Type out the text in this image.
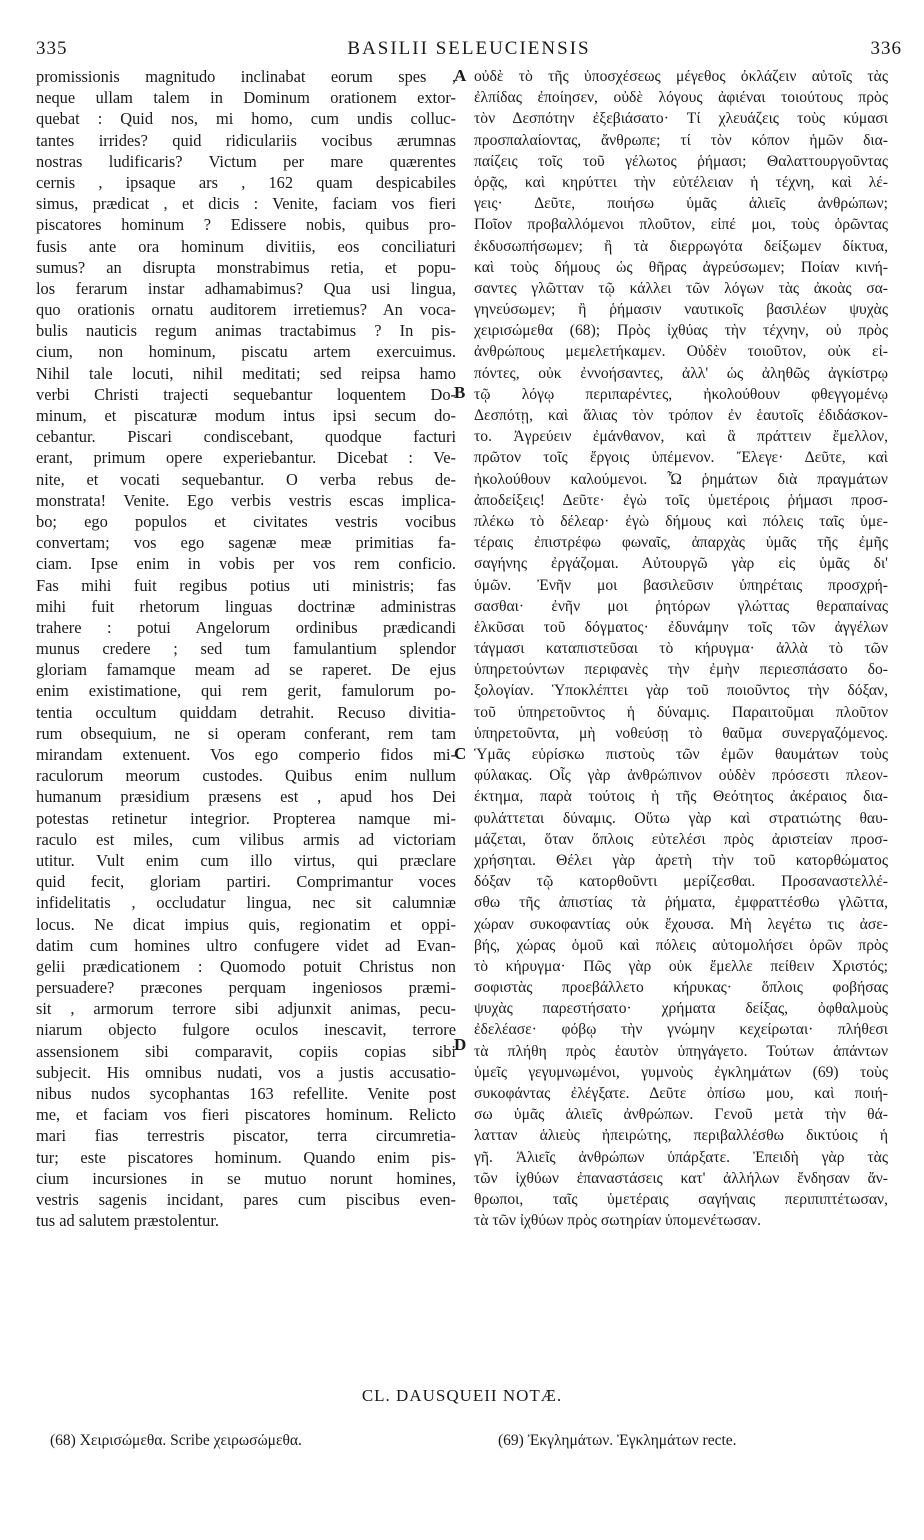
335	BASILII SELEUCIENSIS	336
promissionis magnitudo inclinabat eorum spes ,
neque ullam talem in Dominum orationem extor-
quebat : Quid nos, mi homo, cum undis colluc-
tantes irrides? quid ridiculariis vocibus ærumnas
nostras ludificaris? Victum per mare quærentes
cernis , ipsaque ars , 162 quam despicabiles
simus, prædicat , et dicis : Venite, faciam vos fieri
piscatores hominum ? Edissere nobis, quibus pro-
fusis ante ora hominum divitiis, eos conciliaturi
sumus? an disrupta monstrabimus retia, et popu-
los ferarum instar adhamabimus? Qua usi lingua,
quo orationis ornatu auditorem irretiemus? An voca-
bulis nauticis regum animas tractabimus ? In pis-
cium, non hominum, piscatu artem exercuimus.
Nihil tale locuti, nihil meditati; sed reipsa hamo
verbi Christi trajecti sequebantur loquentem Do-
minum, et piscaturæ modum intus ipsi secum do-
cebantur. Piscari condiscebant, quodque facturi
erant, primum opere experiebantur. Dicebat : Ve-
nite, et vocati sequebantur. O verba rebus de-
monstrata! Venite. Ego verbis vestris escas implica-
bo; ego populos et civitates vestris vocibus
convertam; vos ego sagenæ meæ primitias fa-
ciam. Ipse enim in vobis per vos rem conficio.
Fas mihi fuit regibus potius uti ministris; fas
mihi fuit rhetorum linguas doctrinæ administras
trahere : potui Angelorum ordinibus prædicandi
munus credere ; sed tum famulantium splendor
gloriam famamque meam ad se raperet. De ejus
enim existimatione, qui rem gerit, famulorum po-
tentia occultum quiddam detrahit. Recuso divitia-
rum obsequium, ne si operam conferant, rem tam
mirandam extenuent. Vos ego comperio fidos mi-
raculorum meorum custodes. Quibus enim nullum
humanum præsidium præsens est , apud hos Dei
potestas retinetur integrior. Propterea namque mi-
raculo est miles, cum vilibus armis ad victoriam
utitur. Vult enim cum illo virtus, qui præclare
quid fecit, gloriam partiri. Comprimantur voces
infidelitatis , occludatur lingua, nec sit calumniæ
locus. Ne dicat impius quis, regionatim et oppi-
datim cum homines ultro confugere videt ad Evan-
gelii prædicationem : Quomodo potuit Christus non
persuadere? præcones perquam ingeniosos præmi-
sit , armorum terrore sibi adjunxit animas, pecu-
niarum objecto fulgore oculos inescavit, terrore
assensionem sibi comparavit, copiis copias sibi
subjecit. His omnibus nudati, vos a justis accusatio-
nibus nudos sycophantas 163 refellite. Venite post
me, et faciam vos fieri piscatores hominum. Relicto
mari fias terrestris piscator, terra circumretia-
tur; este piscatores hominum. Quando enim pis-
cium incursiones in se mutuo norunt homines,
vestris sagenis incidant, pares cum piscibus even-
tus ad salutem præstolentur.
οὐδὲ τὸ τῆς ὑποσχέσεως μέγεθος ὀκλάζειν αὐτοῖς τὰς
ἐλπίδας ἐποίησεν, οὐδὲ λόγους ἀφιέναι τοιούτους πρὸς
τὸν Δεσπότην ἐξεβιάσατο· Τί χλευάζεις τοὺς κύμασι
προσπαλαίοντας, ἄνθρωπε; τί τὸν κόπον ἡμῶν δια-
παίζεις τοῖς τοῦ γέλωτος ῥήμασι; Θαλαττουργοῦντας
ὁρᾷς, καὶ κηρύττει τὴν εὐτέλειαν ἡ τέχνη, καὶ λέ-
γεις· Δεῦτε, ποιήσω ὑμᾶς ἁλιεῖς ἀνθρώπων;
Ποῖον προβαλλόμενοι πλοῦτον, εἰπέ μοι, τοὺς ὁρῶντας
ἐκδυσωπήσωμεν; ἢ τὰ διερρωγότα δείξωμεν δίκτυα,
καὶ τοὺς δήμους ὡς θῆρας ἀγρεύσωμεν; Ποίαν κινή-
σαντες γλῶτταν τῷ κάλλει τῶν λόγων τὰς ἀκοὰς σα-
γηνεύσωμεν; ἢ ῥήμασιν ναυτικοῖς βασιλέων ψυχὰς
χειρισώμεθα (68); Πρὸς ἰχθύας τὴν τέχνην, οὐ πρὸς
ἀνθρώπους μεμελετήκαμεν. Οὐδὲν τοιοῦτον, οὐκ εἰ-
πόντες, οὐκ ἐννοήσαντες, ἀλλ' ὡς ἀληθῶς ἀγκίστρῳ
τῷ λόγῳ περιπαρέντες, ἠκολούθουν φθεγγομένῳ
Δεσπότῃ, καὶ ἅλιας τὸν τρόπον ἐν ἑαυτοῖς ἐδιδάσκον-
το. Ἀγρεύειν ἐμάνθανον, καὶ ἃ πράττειν ἔμελλον,
πρῶτον τοῖς ἔργοις ὑπέμενον. Ἔλεγε· Δεῦτε, καὶ
ἠκολούθουν καλούμενοι. Ὦ ῥημάτων διὰ πραγμάτων
ἀποδείξεις! Δεῦτε· ἐγὼ τοῖς ὑμετέροις ῥήμασι προσ-
πλέκω τὸ δέλεαρ· ἐγὼ δήμους καὶ πόλεις ταῖς ὑμε-
τέραις ἐπιστρέφω φωναῖς, ἀπαρχὰς ὑμᾶς τῆς ἐμῆς
σαγήνης ἐργάζομαι. Αὐτουργῶ γὰρ εἰς ὑμᾶς δι'
ὑμῶν. Ἐνῆν μοι βασιλεῦσιν ὑπηρέταις προσχρή-
σασθαι· ἐνῆν μοι ῥητόρων γλώττας θεραπαίνας
ἑλκῦσαι τοῦ δόγματος· ἐδυνάμην τοῖς τῶν ἀγγέλων
τάγμασι καταπιστεῦσαι τὸ κήρυγμα· ἀλλὰ τὸ τῶν
ὑπηρετούντων περιφανὲς τὴν ἐμὴν περιεσπάσατο δο-
ξολογίαν. Ὑποκλέπτει γὰρ τοῦ ποιοῦντος τὴν δόξαν,
τοῦ ὑπηρετοῦντος ἡ δύναμις. Παραιτοῦμαι πλοῦτον
ὑπηρετοῦντα, μὴ νοθεύσῃ τὸ θαῦμα συνεργαζόμενος.
Ὑμᾶς εὑρίσκω πιστοὺς τῶν ἐμῶν θαυμάτων τοὺς
φύλακας. Οἷς γὰρ ἀνθρώπινον οὐδὲν πρόσεστι πλεον-
έκτημα, παρὰ τούτοις ἡ τῆς Θεότητος ἀκέραιος δια-
φυλάττεται δύναμις. Οὕτω γὰρ καὶ στρατιώτης θαυ-
μάζεται, ὅταν ὅπλοις εὐτελέσι πρὸς ἀριστείαν προσ-
χρήσηται. Θέλει γὰρ ἀρετὴ τὴν τοῦ κατορθώματος
δόξαν τῷ κατορθοῦντι μερίζεσθαι. Προσαναστελλέ-
σθω τῆς ἀπιστίας τὰ ῥήματα, ἐμφραττέσθω γλῶττα,
χώραν συκοφαντίας οὐκ ἔχουσα. Μὴ λεγέτω τις ἀσε-
βής, χώρας ὁμοῦ καὶ πόλεις αὐτομολήσει ὁρῶν πρὸς
τὸ κήρυγμα· Πῶς γὰρ οὐκ ἔμελλε πείθειν Χριστός;
σοφιστὰς προεβάλλετο κήρυκας· ὅπλοις φοβήσας
ψυχὰς παρεστήσατο· χρήματα δείξας, ὀφθαλμοὺς
ἐδελέασε· φόβῳ τὴν γνώμην κεχείρωται· πλήθεσι
τὰ πλήθη πρὸς ἑαυτὸν ὑπηγάγετο. Τούτων ἁπάντων
ὑμεῖς γεγυμνωμένοι, γυμνοὺς ἐγκλημάτων (69) τοὺς
συκοφάντας ἐλέγξατε. Δεῦτε ὀπίσω μου, καὶ ποιή-
σω ὑμᾶς ἁλιεῖς ἀνθρώπων. Γενοῦ μετὰ τὴν θά-
λατταν ἁλιεὺς ἠπειρώτης, περιβαλλέσθω δικτύοις ἡ
γῆ. Ἁλιεῖς ἀνθρώπων ὑπάρξατε. Ἐπειδὴ γὰρ τὰς
τῶν ἰχθύων ἐπαναστάσεις κατ' ἀλλήλων ἔνδησαν ἄν-
θρωποι, ταῖς ὑμετέραις σαγήναις περιπιπτέτωσαν,
τὰ τῶν ἰχθύων πρὸς σωτηρίαν ὑπομενέτωσαν.
A
B
C
D
CL. DAUSQUEII NOTÆ.
(68) Χειρισώμεθα. Scribe χειρωσώμεθα.	(69) Ἐκγλημάτων. Ἐγκλημάτων recte.
